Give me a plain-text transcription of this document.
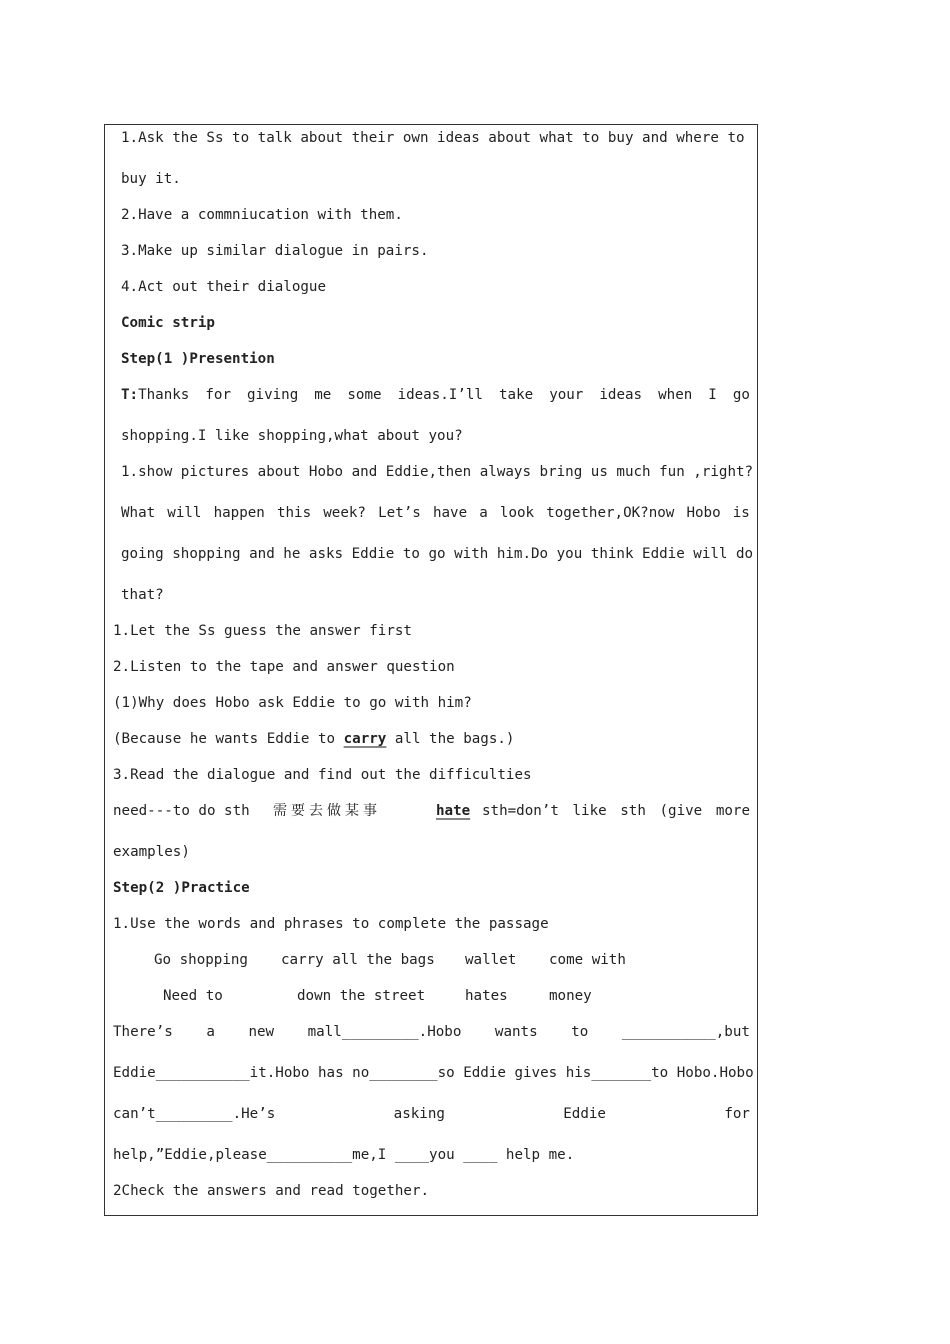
1.Ask the Ss to talk about their own ideas about what to buy and where to
buy it.
2.Have a commniucation with them.
3.Make up similar dialogue in pairs.
4.Act out their dialogue
Comic strip
Step(1 )Presention
T:Thanks for giving me some ideas.I’ll take your ideas when I go
shopping.I like shopping,what about you?
1.show pictures about Hobo and Eddie,then always bring us much fun ,right?
What will happen this week? Let’s have a look together,OK?now Hobo is
going shopping and he asks Eddie to go with him.Do you think Eddie will do
that?
1.Let the Ss guess the answer first
2.Listen to the tape and answer question
(1)Why does Hobo ask Eddie to go with him?
(Because he wants Eddie to carry all the bags.)
3.Read the dialogue and find out the difficulties
need---to do sth 需要去做某事	hate sth=don’t like sth (give more
examples)
Step(2 )Practice
1.Use the words and phrases to complete the passage
Go shopping carry all the bags wallet come with
Need to	down the street	hates	money
There’s a new mall_________.Hobo wants to ___________,but
Eddie___________it.Hobo has no________so Eddie gives his_______to Hobo.Hobo
can’t_________.He’s	asking	Eddie	for
help,”Eddie,please__________me,I ____you ____ help me.
2Check the answers and read together.
